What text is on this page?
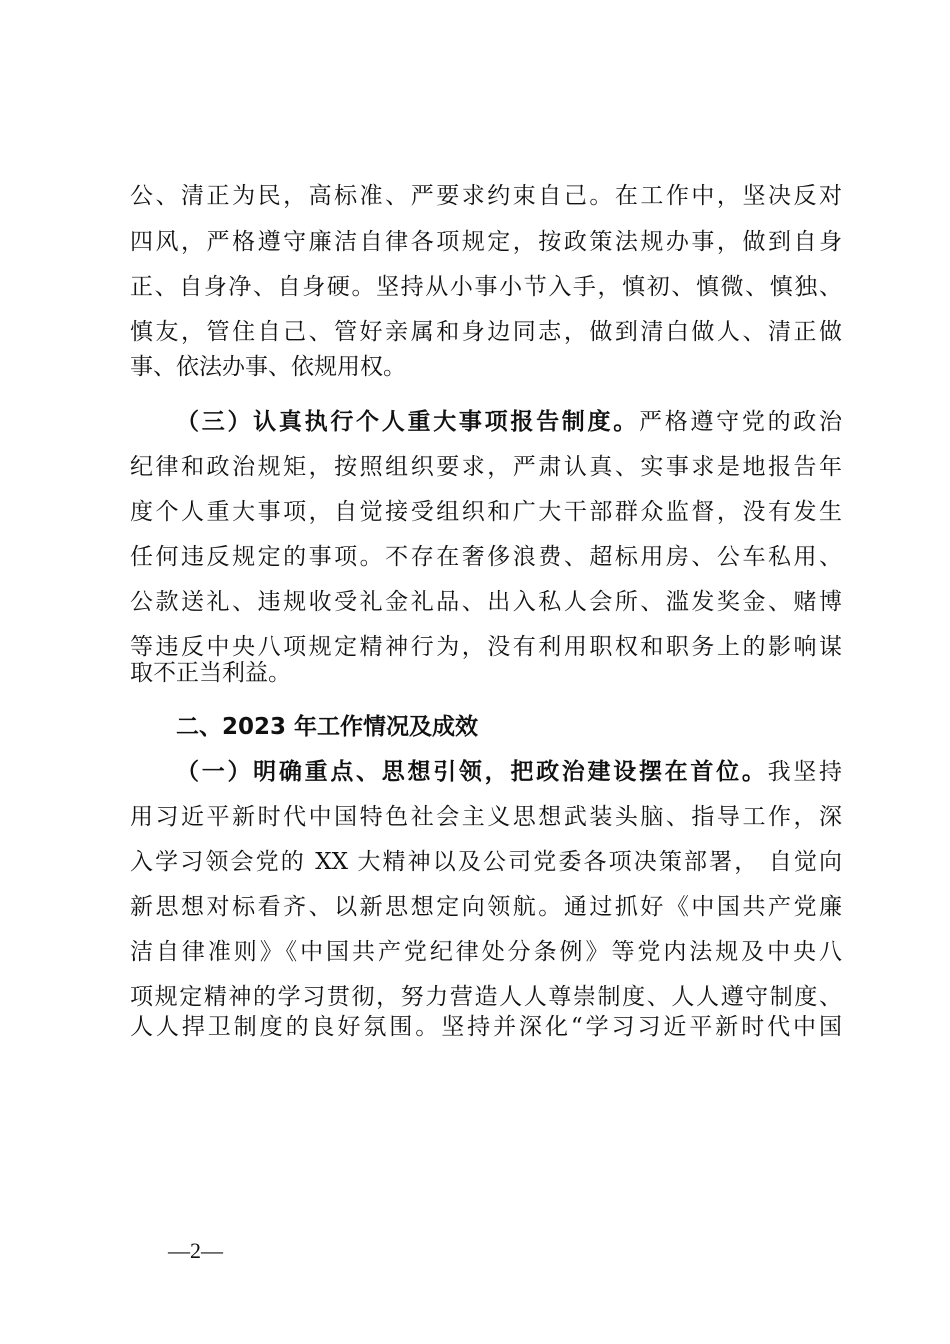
公、清正为民，高标准、严要求约束自己。在工作中，坚决反对
四风，严格遵守廉洁自律各项规定，按政策法规办事，做到自身
正、自身净、自身硬。坚持从小事小节入手，慎初、慎微、慎独、
慎友，管住自己、管好亲属和身边同志，做到清白做人、清正做
事、依法办事、依规用权。
（三）认真执行个人重大事项报告制度。严格遵守党的政治
纪律和政治规矩，按照组织要求，严肃认真、实事求是地报告年
度个人重大事项，自觉接受组织和广大干部群众监督，没有发生
任何违反规定的事项。不存在奢侈浪费、超标用房、公车私用、
公款送礼、违规收受礼金礼品、出入私人会所、滥发奖金、赌博
等违反中央八项规定精神行为，没有利用职权和职务上的影响谋
取不正当利益。
二、2023 年工作情况及成效
（一）明确重点、思想引领，把政治建设摆在首位。我坚持
用习近平新时代中国特色社会主义思想武装头脑、指导工作，深
入学习领会党的 XX 大精神以及公司党委各项决策部署， 自觉向
新思想对标看齐、以新思想定向领航。通过抓好《中国共产党廉
洁自律准则》《中国共产党纪律处分条例》等党内法规及中央八
项规定精神的学习贯彻，努力营造人人尊崇制度、人人遵守制度、
人人捍卫制度的良好氛围。坚持并深化“学习习近平新时代中国
—2—
